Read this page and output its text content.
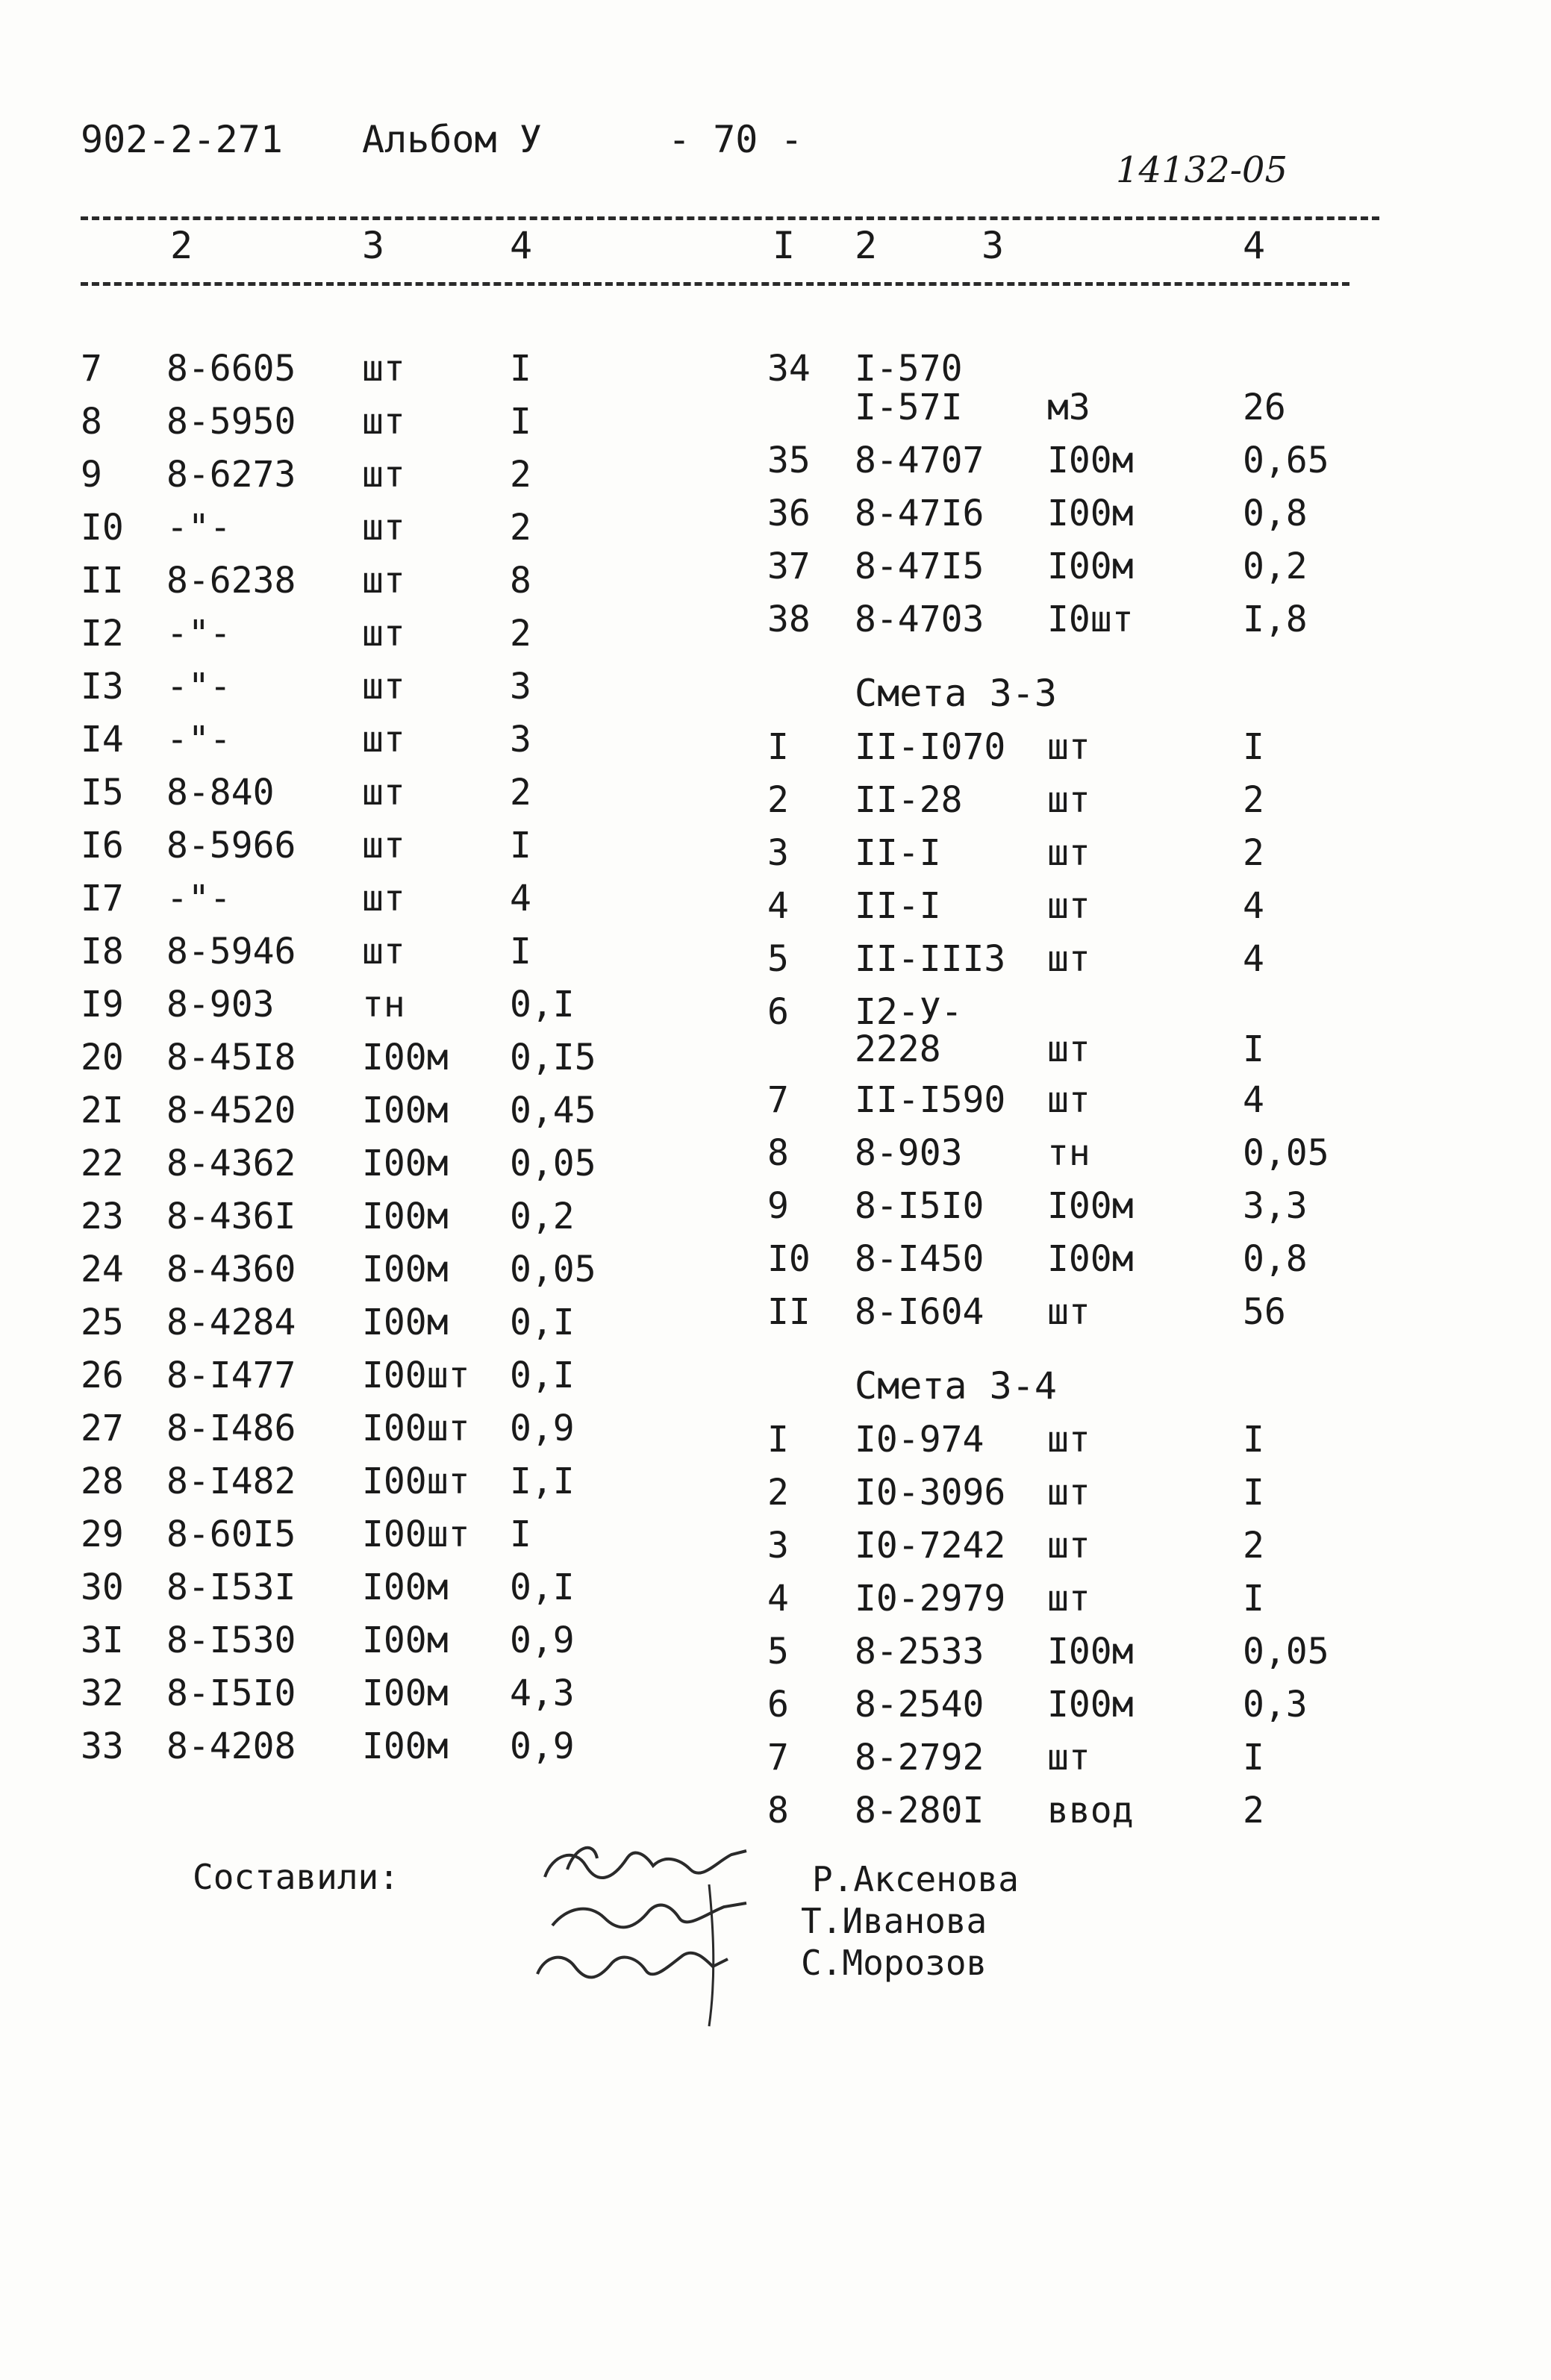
902-2-271 Альбом У	- 70 -
14132-05
2	3	4	I 2	3	4
7 8-6605 шт	I
8 8-5950 шт	I
9 8-6273 шт	2
I0 -"-	шт	2
II 8-6238 шт	8
I2 -"-	шт	2
I3 -"-	шт	3
I4 -"-	шт	3
I5 8-840 шт	2
I6 8-5966 шт	I
I7 -"-	шт	4
I8 8-5946 шт	I
I9 8-903 тн	0,I
20 8-45I8 I00м 0,I5
2I 8-4520 I00м 0,45
22 8-4362 I00м 0,05
23 8-436I I00м 0,2
24 8-4360 I00м 0,05
25 8-4284 I00м 0,I
26 8-I477 I00шт 0,I
27 8-I486 I00шт 0,9
28 8-I482 I00шт I,I
29 8-60I5 I00шт I
30 8-I53I I00м 0,I
3I 8-I530 I00м 0,9
32 8-I5I0 I00м 4,3
33 8-4208 I00м 0,9
34 I-570
I-57I м3	26
35 8-4707 I00м	0,65
36 8-47I6 I00м	0,8
37 8-47I5 I00м	0,2
38 8-4703 I0шт	I,8
Смета 3-3
I II-I070 шт	I
2 II-28 шт	2
3 II-I	шт	2
4 II-I	шт	4
5 II-III3 шт	4
6 I2-У-
2228	шт	I
7 II-I590 шт	4
8 8-903 тн	0,05
9 8-I5I0 I00м	3,3
I0 8-I450 I00м	0,8
II 8-I604 шт	56
Смета 3-4
I I0-974 шт	I
2 I0-3096 шт	I
3 I0-7242 шт	2
4 I0-2979 шт	I
5 8-2533 I00м	0,05
6 8-2540 I00м	0,3
7 8-2792 шт	I
8 8-280I ввод	2
Составили:	Р.Аксенова
Т.Иванова
С.Морозов
